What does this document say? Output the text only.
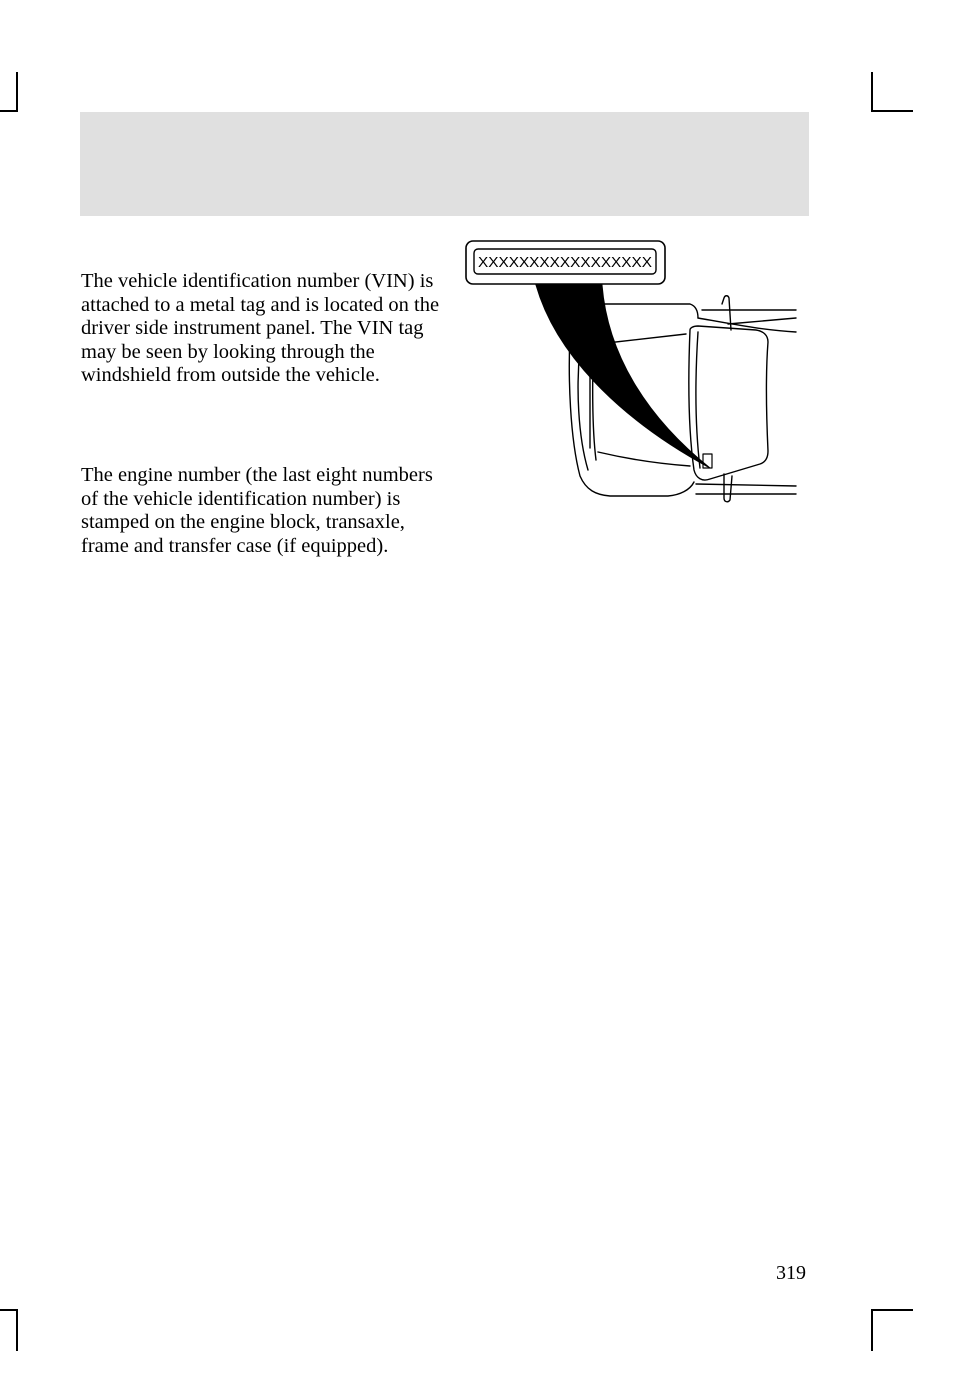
The vehicle identification number (VIN) is attached to a metal tag and is located on the driver side instrument panel. The VIN tag may be seen by looking through the windshield from outside the vehicle.

The engine number (the last eight numbers of the vehicle identification number) is stamped on the engine block, transaxle, frame and transfer case (if equipped).

XXXXXXXXXXXXXXXXX
319
